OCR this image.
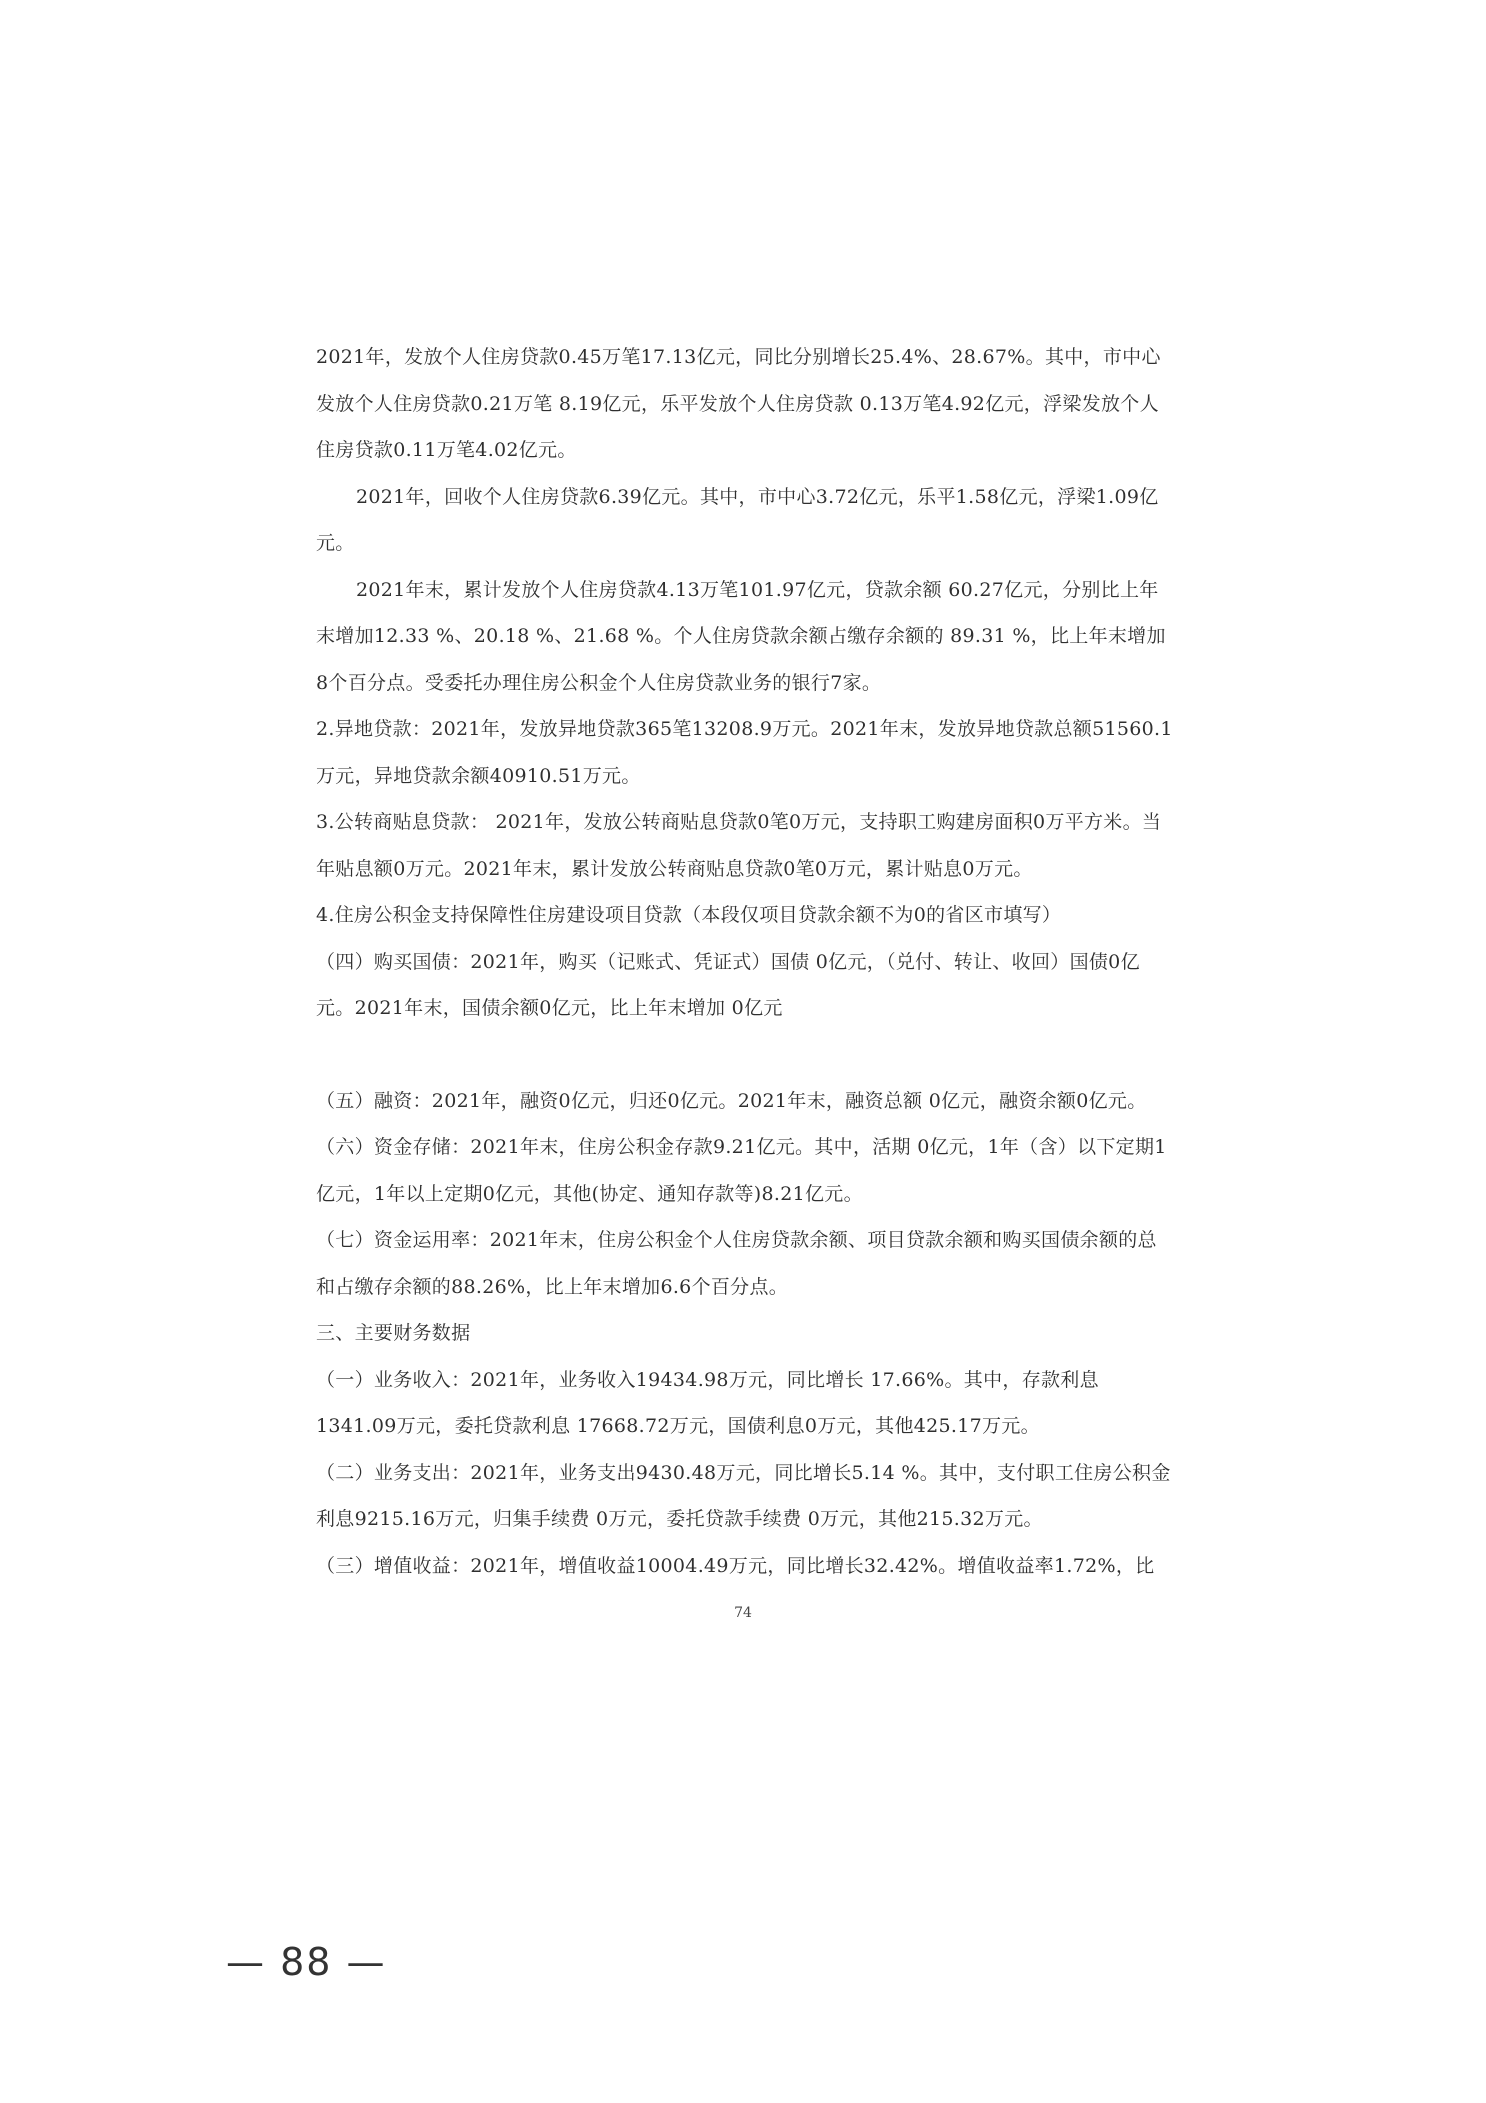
2021年，发放个人住房贷款0.45万笔17.13亿元，同比分别增长25.4%、28.67%。其中，市中心发放个人住房贷款0.21万笔 8.19亿元，乐平发放个人住房贷款 0.13万笔4.92亿元，浮梁发放个人住房贷款0.11万笔4.02亿元。

2021年，回收个人住房贷款6.39亿元。其中，市中心3.72亿元，乐平1.58亿元，浮梁1.09亿元。

2021年末，累计发放个人住房贷款4.13万笔101.97亿元，贷款余额 60.27亿元，分别比上年末增加12.33 %、20.18 %、21.68 %。个人住房贷款余额占缴存余额的 89.31 %，比上年末增加8个百分点。受委托办理住房公积金个人住房贷款业务的银行7家。

2.异地贷款：2021年，发放异地贷款365笔13208.9万元。2021年末，发放异地贷款总额51560.1万元，异地贷款余额40910.51万元。

3.公转商贴息贷款： 2021年，发放公转商贴息贷款0笔0万元，支持职工购建房面积0万平方米。当年贴息额0万元。2021年末，累计发放公转商贴息贷款0笔0万元，累计贴息0万元。

4.住房公积金支持保障性住房建设项目贷款（本段仅项目贷款余额不为0的省区市填写）

（四）购买国债：2021年，购买（记账式、凭证式）国债 0亿元，（兑付、转让、收回）国债0亿元。2021年末，国债余额0亿元，比上年末增加 0亿元

（五）融资：2021年，融资0亿元，归还0亿元。2021年末，融资总额 0亿元，融资余额0亿元。

（六）资金存储：2021年末，住房公积金存款9.21亿元。其中，活期 0亿元，1年（含）以下定期1亿元，1年以上定期0亿元，其他(协定、通知存款等)8.21亿元。

（七）资金运用率：2021年末，住房公积金个人住房贷款余额、项目贷款余额和购买国债余额的总和占缴存余额的88.26%，比上年末增加6.6个百分点。

三、主要财务数据

（一）业务收入：2021年，业务收入19434.98万元，同比增长 17.66%。其中，存款利息1341.09万元，委托贷款利息 17668.72万元，国债利息0万元，其他425.17万元。

（二）业务支出：2021年，业务支出9430.48万元，同比增长5.14 %。其中，支付职工住房公积金利息9215.16万元，归集手续费 0万元，委托贷款手续费 0万元，其他215.32万元。

（三）增值收益：2021年，增值收益10004.49万元，同比增长32.42%。增值收益率1.72%，比

74
— 88 —
